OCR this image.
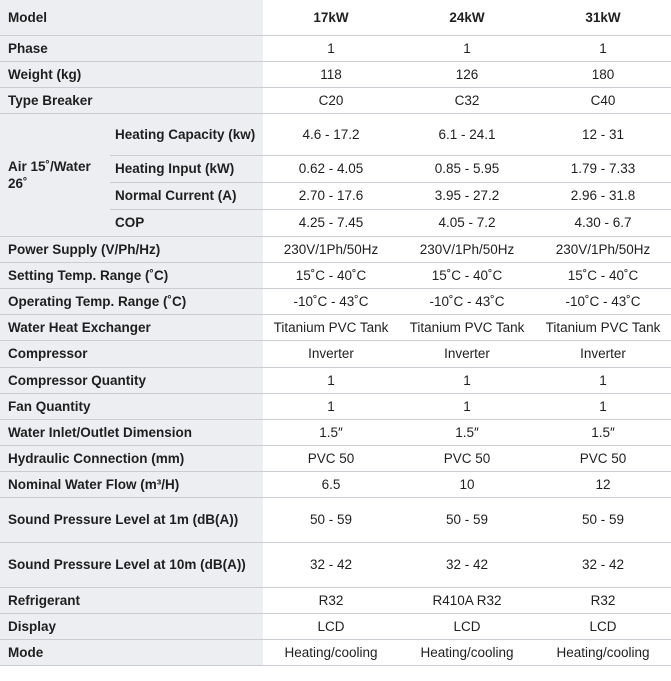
Model		17kW	24kW	31kW
Phase		1	1	1
Weight (kg)		118	126	180
Type Breaker		C20	C32	C40
Air 15˚/Water 26˚	Heating Capacity (kw)	4.6 - 17.2	6.1 - 24.1	12 - 31
	Heating Input (kW)	0.62 - 4.05	0.85 - 5.95	1.79 - 7.33
	Normal Current (A)	2.70 - 17.6	3.95 - 27.2	2.96 - 31.8
	COP	4.25 - 7.45	4.05 - 7.2	4.30 - 6.7
Power Supply (V/Ph/Hz)		230V/1Ph/50Hz	230V/1Ph/50Hz	230V/1Ph/50Hz
Setting Temp. Range (˚C)		15˚C - 40˚C	15˚C - 40˚C	15˚C - 40˚C
Operating Temp. Range (˚C)		-10˚C - 43˚C	-10˚C - 43˚C	-10˚C - 43˚C
Water Heat Exchanger		Titanium PVC Tank	Titanium PVC Tank	Titanium PVC Tank
Compressor		Inverter	Inverter	Inverter
Compressor Quantity		1	1	1
Fan Quantity		1	1	1
Water Inlet/Outlet Dimension		1.5″	1.5″	1.5″
Hydraulic Connection (mm)		PVC 50	PVC 50	PVC 50
Nominal Water Flow (m³/H)		6.5	10	12
Sound Pressure Level at 1m (dB(A))		50 - 59	50 - 59	50 - 59
Sound Pressure Level at 10m (dB(A))		32 - 42	32 - 42	32 - 42
Refrigerant		R32	R410A R32	R32
Display		LCD	LCD	LCD
Mode		Heating/cooling	Heating/cooling	Heating/cooling
